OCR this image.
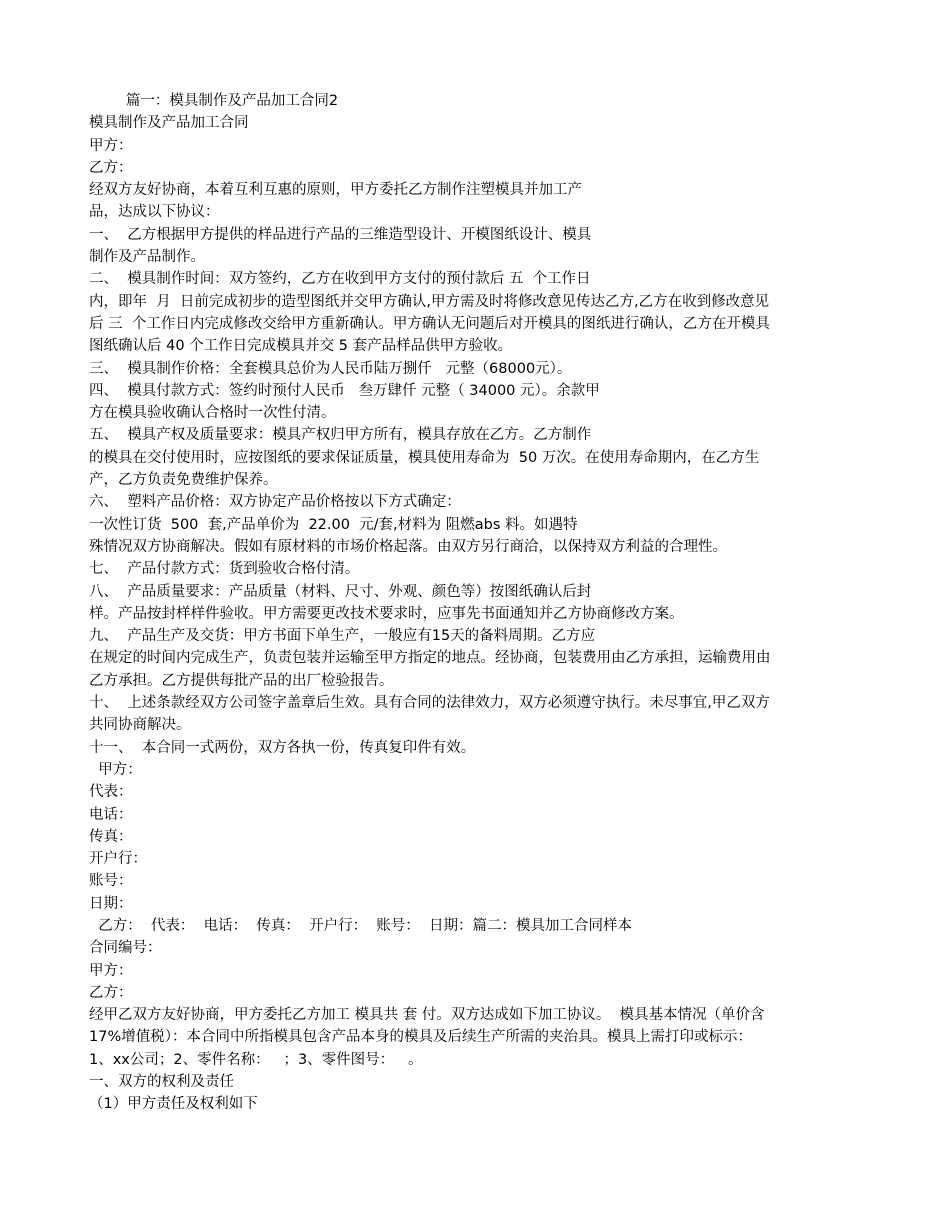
篇一：模具制作及产品加工合同2
模具制作及产品加工合同
甲方：
乙方：
经双方友好协商，本着互利互惠的原则，甲方委托乙方制作注塑模具并加工产
品，达成以下协议：
一、  乙方根据甲方提供的样品进行产品的三维造型设计、开模图纸设计、模具
制作及产品制作。
二、  模具制作时间：双方签约，乙方在收到甲方支付的预付款后 五  个工作日
内，即年  月  日前完成初步的造型图纸并交甲方确认,甲方需及时将修改意见传达乙方,乙方在收到修改意见
后 三  个工作日内完成修改交给甲方重新确认。甲方确认无问题后对开模具的图纸进行确认，乙方在开模具
图纸确认后 40 个工作日完成模具并交 5 套产品样品供甲方验收。
三、  模具制作价格：全套模具总价为人民币陆万捌仟   元整（68000元）。
四、  模具付款方式：签约时预付人民币   叁万肆仟 元整（ 34000 元）。余款甲
方在模具验收确认合格时一次性付清。
五、  模具产权及质量要求：模具产权归甲方所有，模具存放在乙方。乙方制作
的模具在交付使用时，应按图纸的要求保证质量，模具使用寿命为  50 万次。在使用寿命期内，在乙方生
产，乙方负责免费维护保养。
六、  塑料产品价格：双方协定产品价格按以下方式确定：
一次性订货  500  套,产品单价为  22.00  元/套,材料为 阻燃abs 料。如遇特
殊情况双方协商解决。假如有原材料的市场价格起落。由双方另行商洽，以保持双方利益的合理性。
七、  产品付款方式：货到验收合格付清。
八、  产品质量要求：产品质量（材料、尺寸、外观、颜色等）按图纸确认后封
样。产品按封样样件验收。甲方需要更改技术要求时，应事先书面通知并乙方协商修改方案。
九、  产品生产及交货：甲方书面下单生产，一般应有15天的备料周期。乙方应
在规定的时间内完成生产，负责包装并运输至甲方指定的地点。经协商，包装费用由乙方承担，运输费用由
乙方承担。乙方提供每批产品的出厂检验报告。
十、  上述条款经双方公司签字盖章后生效。具有合同的法律效力，双方必须遵守执行。未尽事宜,甲乙双方
共同协商解决。
十一、  本合同一式两份，双方各执一份，传真复印件有效。
甲方：
代表：
电话：
传真：
开户行：
账号：
日期：
乙方：  代表：  电话：  传真：  开户行：  账号：  日期：篇二：模具加工合同样本
合同编号：
甲方：
乙方：
经甲乙双方友好协商，甲方委托乙方加工 模具共 套 付。双方达成如下加工协议。  模具基本情况（单价含
17%增值税）：本合同中所指模具包含产品本身的模具及后续生产所需的夹治具。模具上需打印或标示：
1、xx公司；2、零件名称：   ；3、零件图号：   。
一、双方的权利及责任
（1）甲方责任及权利如下
